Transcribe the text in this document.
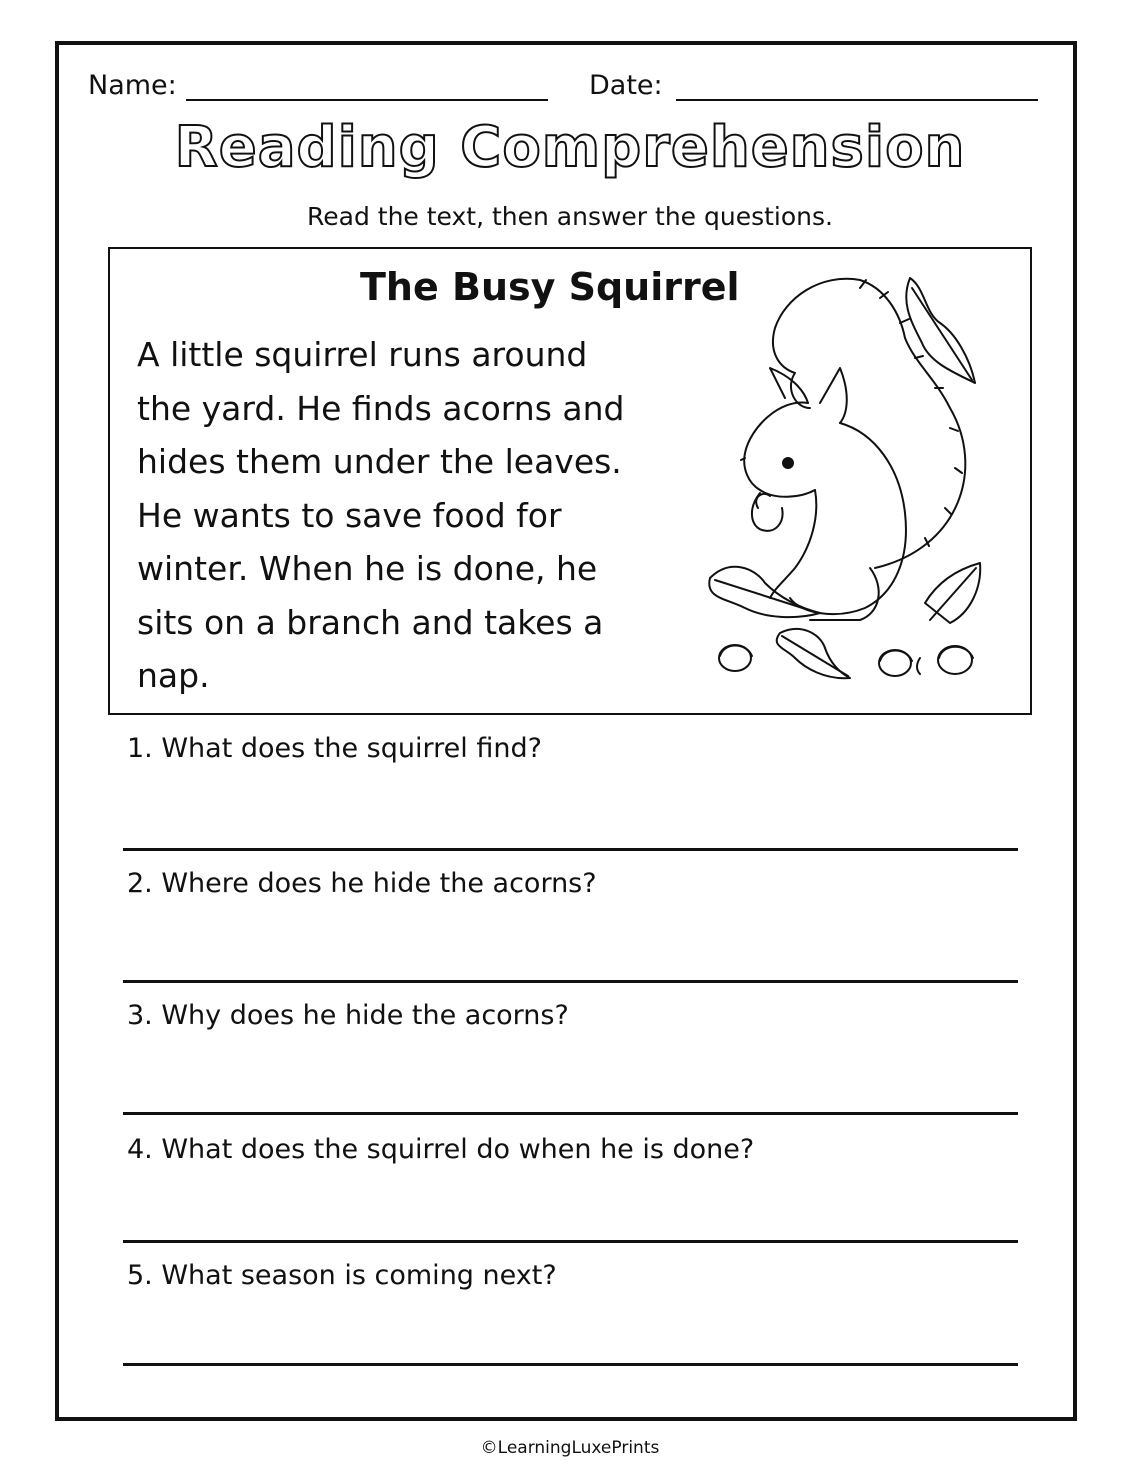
Name:	Date:
Reading Comprehension
Read the text, then answer the questions.
The Busy Squirrel
A little squirrel runs around
the yard. He finds acorns and
hides them under the leaves.
He wants to save food for
winter. When he is done, he
sits on a branch and takes a
nap.
1. What does the squirrel find?
2. Where does he hide the acorns?
3. Why does he hide the acorns?
4. What does the squirrel do when he is done?
5. What season is coming next?
©LearningLuxePrints
